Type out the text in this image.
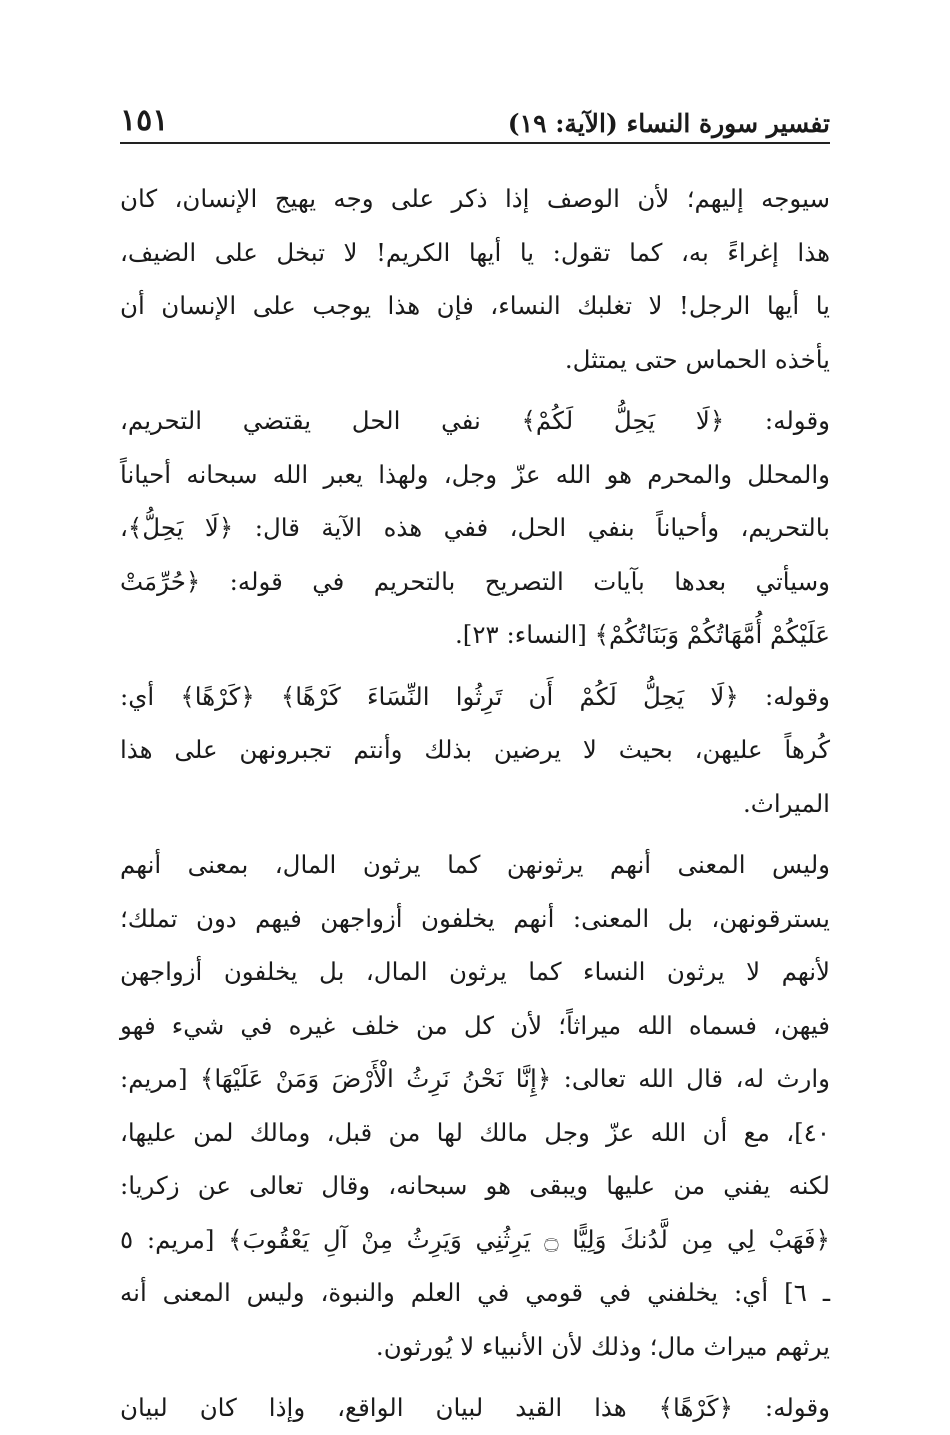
تفسير سورة النساء (الآية: ١٩)
١٥١
سيوجه إليهم؛ لأن الوصف إذا ذكر على وجه يهيج الإنسان، كان
هذا إغراءً به، كما تقول: يا أيها الكريم! لا تبخل على الضيف،
يا أيها الرجل! لا تغلبك النساء، فإن هذا يوجب على الإنسان أن
يأخذه الحماس حتى يمتثل.
وقوله: ﴿لَا يَحِلُّ لَكُمْ﴾ نفي الحل يقتضي التحريم،
والمحلل والمحرم هو الله عزّ وجل، ولهذا يعبر الله سبحانه أحياناً
بالتحريم، وأحياناً بنفي الحل، ففي هذه الآية قال: ﴿لَا يَحِلُّ﴾،
وسيأتي بعدها بآيات التصريح بالتحريم في قوله: ﴿حُرِّمَتْ
عَلَيْكُمْ أُمَّهَاتُكُمْ وَبَنَاتُكُمْ﴾ [النساء: ٢٣].
وقوله: ﴿لَا يَحِلُّ لَكُمْ أَن تَرِثُوا النِّسَاءَ كَرْهًا﴾ ﴿كَرْهًا﴾ أي:
كُرهاً عليهن، بحيث لا يرضين بذلك وأنتم تجبرونهن على هذا
الميراث.
وليس المعنى أنهم يرثونهن كما يرثون المال، بمعنى أنهم
يسترقونهن، بل المعنى: أنهم يخلفون أزواجهن فيهم دون تملك؛
لأنهم لا يرثون النساء كما يرثون المال، بل يخلفون أزواجهن
فيهن، فسماه الله ميراثاً؛ لأن كل من خلف غيره في شيء فهو
وارث له، قال الله تعالى: ﴿إِنَّا نَحْنُ نَرِثُ الْأَرْضَ وَمَنْ عَلَيْهَا﴾ [مريم:
٤٠]، مع أن الله عزّ وجل مالك لها من قبل، ومالك لمن عليها،
لكنه يفني من عليها ويبقى هو سبحانه، وقال تعالى عن زكريا:
﴿فَهَبْ لِي مِن لَّدُنكَ وَلِيًّا ۝ يَرِثُنِي وَيَرِثُ مِنْ آلِ يَعْقُوبَ﴾ [مريم: ٥
ـ ٦] أي: يخلفني في قومي في العلم والنبوة، وليس المعنى أنه
يرثهم ميراث مال؛ وذلك لأن الأنبياء لا يُورثون.
وقوله: ﴿كَرْهًا﴾ هذا القيد لبيان الواقع، وإذا كان لبيان
